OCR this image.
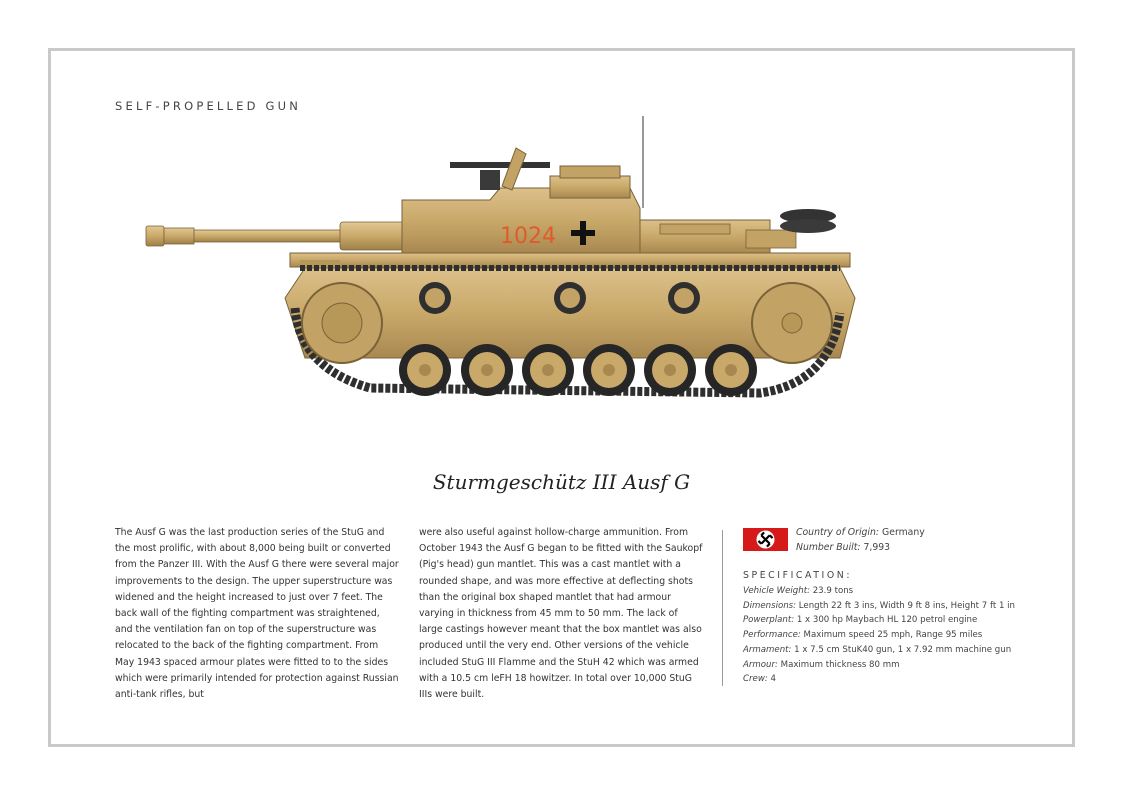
SELF-PROPELLED GUN
1024
Sturmgeschütz III Ausf G
The Ausf G was the last production series of the StuG and the most prolific, with about 8,000 being built or converted from the Panzer III. With the Ausf G there were several major improvements to the design. The upper superstructure was widened and the height increased to just over 7 feet. The back wall of the fighting compartment was straightened, and the ventilation fan on top of the superstructure was relocated to the back of the fighting compartment. From May 1943 spaced armour plates were fitted to to the sides which were primarily intended for protection against Russian anti-tank rifles, but
were also useful against hollow-charge ammunition. From October 1943 the Ausf G began to be fitted with the Saukopf (Pig's head) gun mantlet. This was a cast mantlet with a rounded shape, and was more effective at deflecting shots than the original box shaped mantlet that had armour varying in thickness from 45 mm to 50 mm. The lack of large castings however meant that the box mantlet was also produced until the very end. Other versions of the vehicle included StuG III Flamme and the StuH 42 which was armed with a 10.5 cm leFH 18 howitzer. In total over 10,000 StuG IIIs were built.
Country of Origin: Germany
Number Built: 7,993
SPECIFICATION:
Vehicle Weight: 23.9 tons
Dimensions: Length 22 ft 3 ins, Width 9 ft 8 ins, Height 7 ft 1 in
Powerplant: 1 x 300 hp Maybach HL 120 petrol engine
Performance: Maximum speed 25 mph, Range 95 miles
Armament: 1 x 7.5 cm StuK40 gun, 1 x 7.92 mm machine gun
Armour: Maximum thickness 80 mm
Crew: 4
